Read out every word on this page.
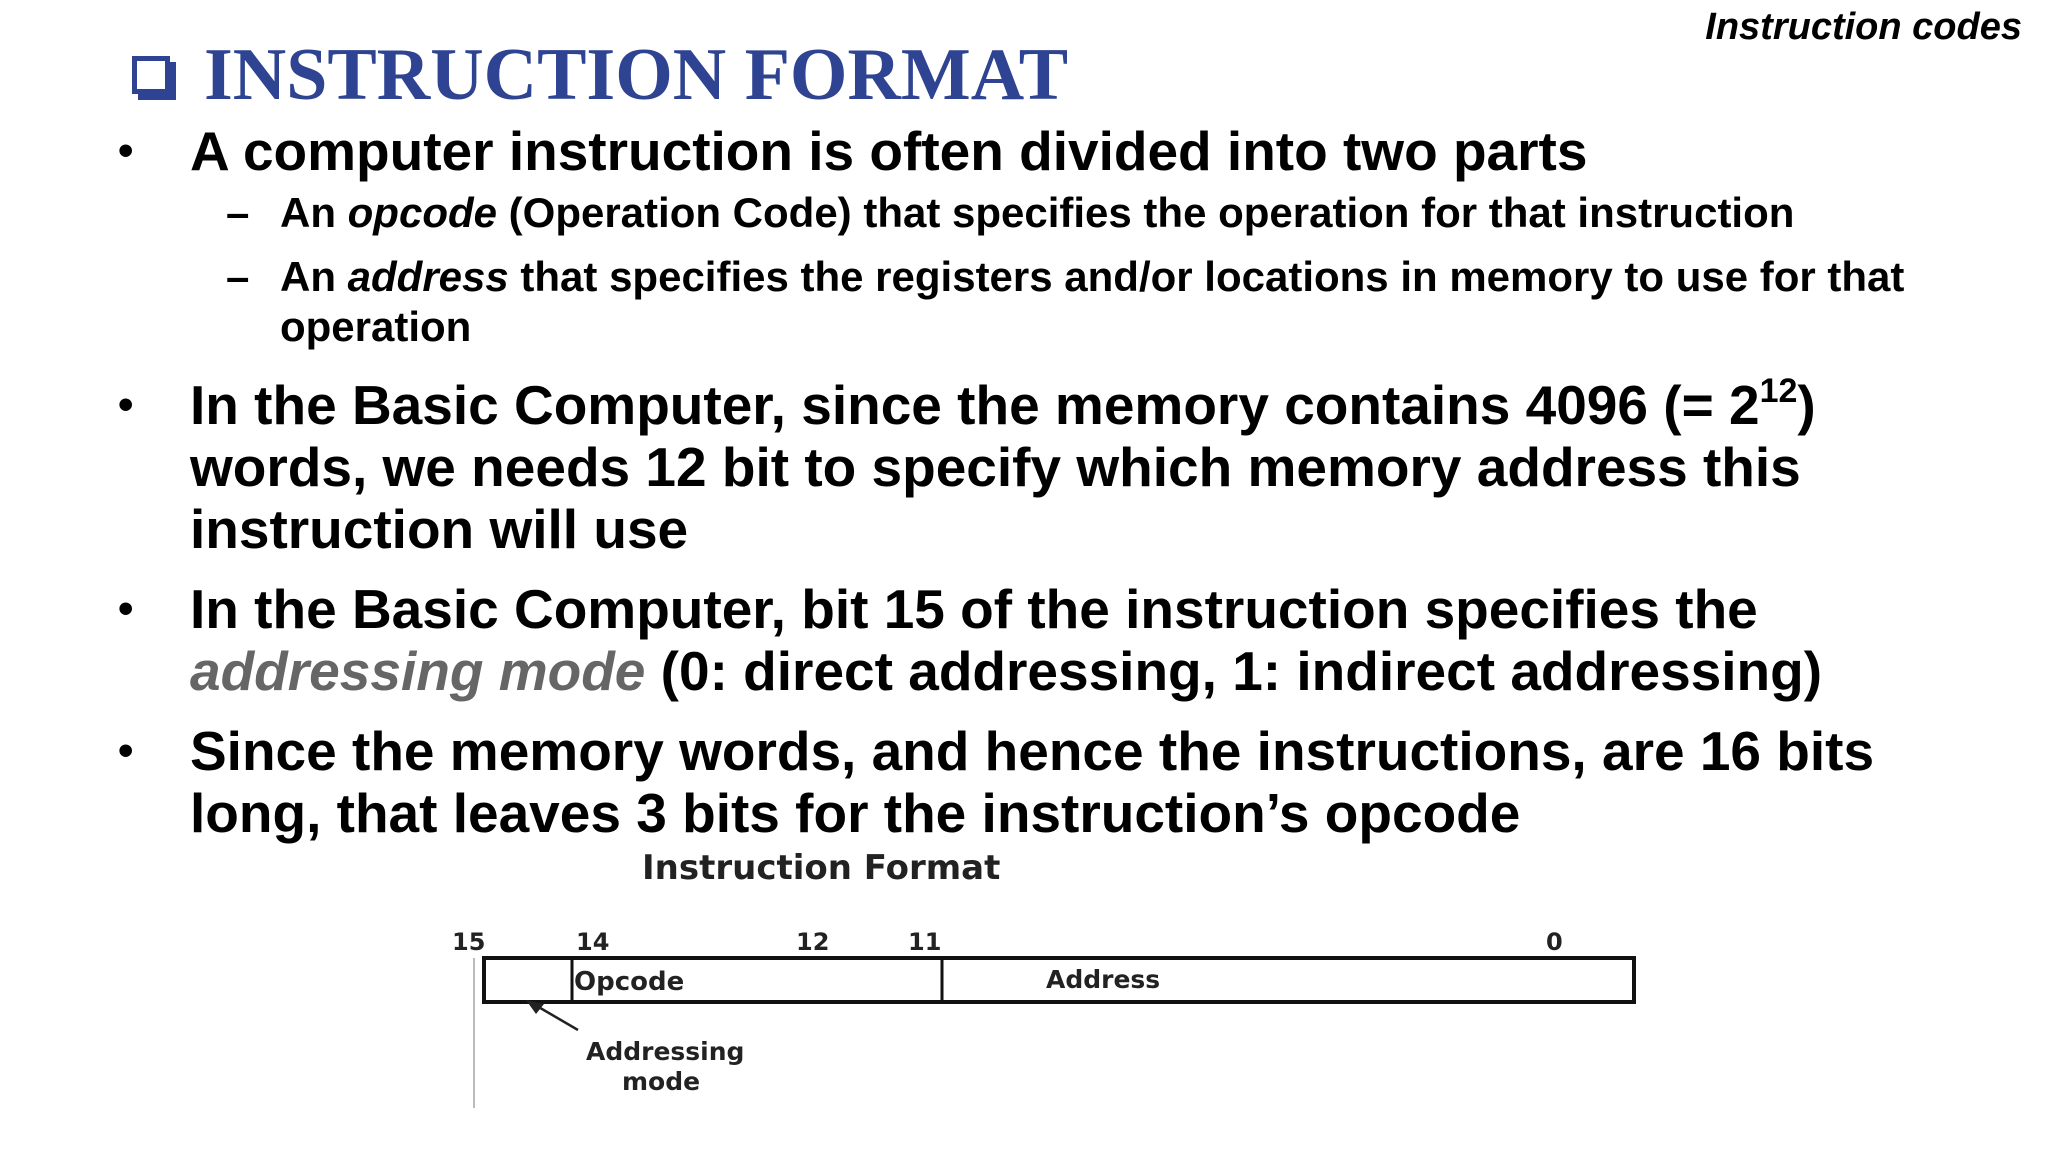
Instruction codes
INSTRUCTION FORMAT
•	A computer instruction is often divided into two parts
– An opcode (Operation Code) that specifies the operation for that instruction
– An address that specifies the registers and/or locations in memory to use for that operation
•	In the Basic Computer, since the memory contains 4096 (= $2^{12}$) words, we needs 12 bit to specify which memory address this instruction will use
•	In the Basic Computer, bit 15 of the instruction specifies the addressing mode (0: direct addressing, 1: indirect addressing)
•	Since the memory words, and hence the instructions, are 16 bits long, that leaves 3 bits for the instruction’s opcode
Instruction Format
15	14	12	11	0
Opcode	Address
Addressing
mode
